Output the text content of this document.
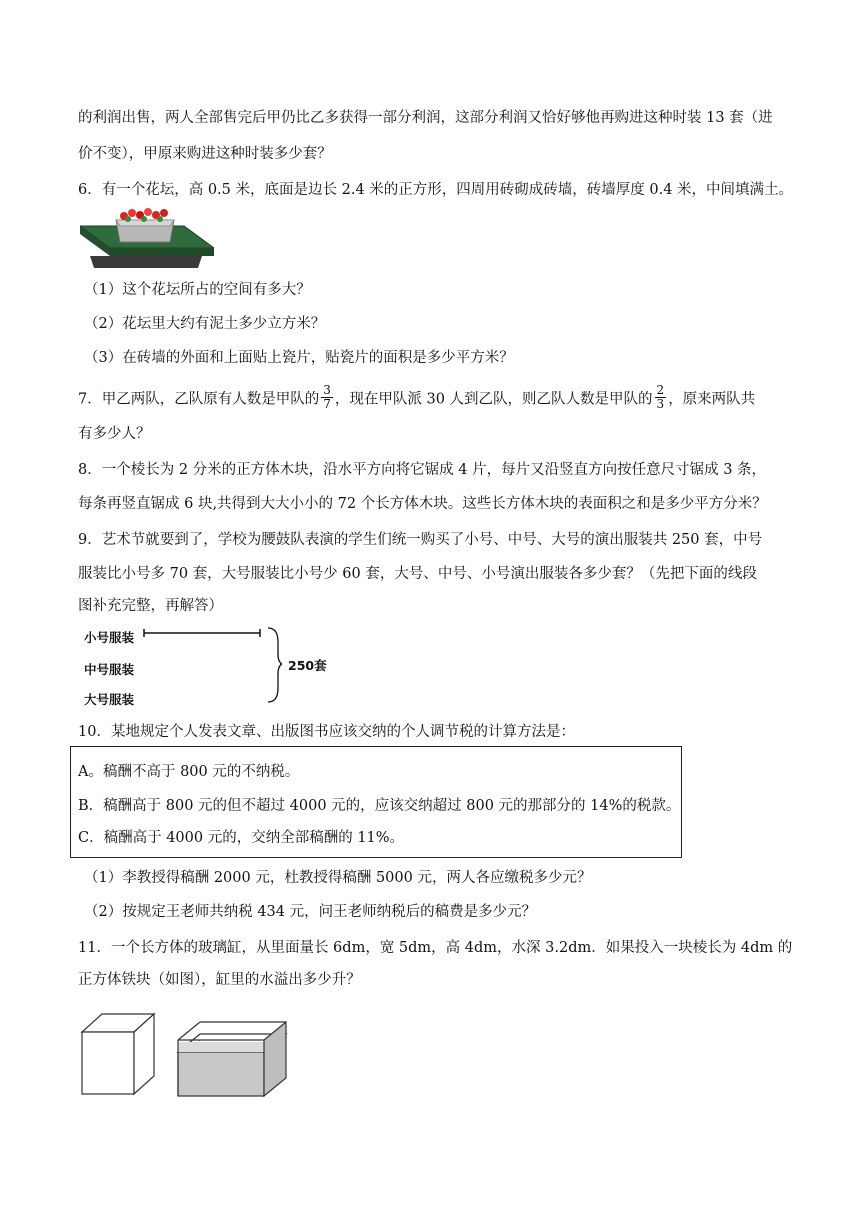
的利润出售，两人全部售完后甲仍比乙多获得一部分利润，这部分利润又恰好够他再购进这种时装 13 套（进
价不变），甲原来购进这种时装多少套？
6．有一个花坛，高 0.5 米，底面是边长 2.4 米的正方形，四周用砖砌成砖墙，砖墙厚度 0.4 米，中间填满土。
（1）这个花坛所占的空间有多大？
（2）花坛里大约有泥土多少立方米？
（3）在砖墙的外面和上面贴上瓷片，贴瓷片的面积是多少平方米？
7．甲乙两队，乙队原有人数是甲队的 $\frac{3}{7}$ ，现在甲队派 30 人到乙队，则乙队人数是甲队的 $\frac{2}{3}$ ，原来两队共
有多少人？
8．一个棱长为 2 分米的正方体木块，沿水平方向将它锯成 4 片，每片又沿竖直方向按任意尺寸锯成 3 条，
每条再竖直锯成 6 块,共得到大大小小的 72 个长方体木块。这些长方体木块的表面积之和是多少平方分米？
9．艺术节就要到了，学校为腰鼓队表演的学生们统一购买了小号、中号、大号的演出服装共 250 套，中号
服装比小号多 70 套，大号服装比小号少 60 套，大号、中号、小号演出服装各多少套？（先把下面的线段
图补充完整，再解答）
小号服装
中号服装
大号服装
250套
10．某地规定个人发表文章、出版图书应该交纳的个人调节税的计算方法是：
A。稿酬不高于 800 元的不纳税。
B．稿酬高于 800 元的但不超过 4000 元的，应该交纳超过 800 元的那部分的 14%的税款。
C．稿酬高于 4000 元的，交纳全部稿酬的 11%。
（1）李教授得稿酬 2000 元，杜教授得稿酬 5000 元，两人各应缴税多少元？
（2）按规定王老师共纳税 434 元，问王老师纳税后的稿费是多少元？
11．一个长方体的玻璃缸，从里面量长 6dm，宽 5dm，高 4dm，水深 3.2dm．如果投入一块棱长为 4dm 的
正方体铁块（如图），缸里的水溢出多少升？
